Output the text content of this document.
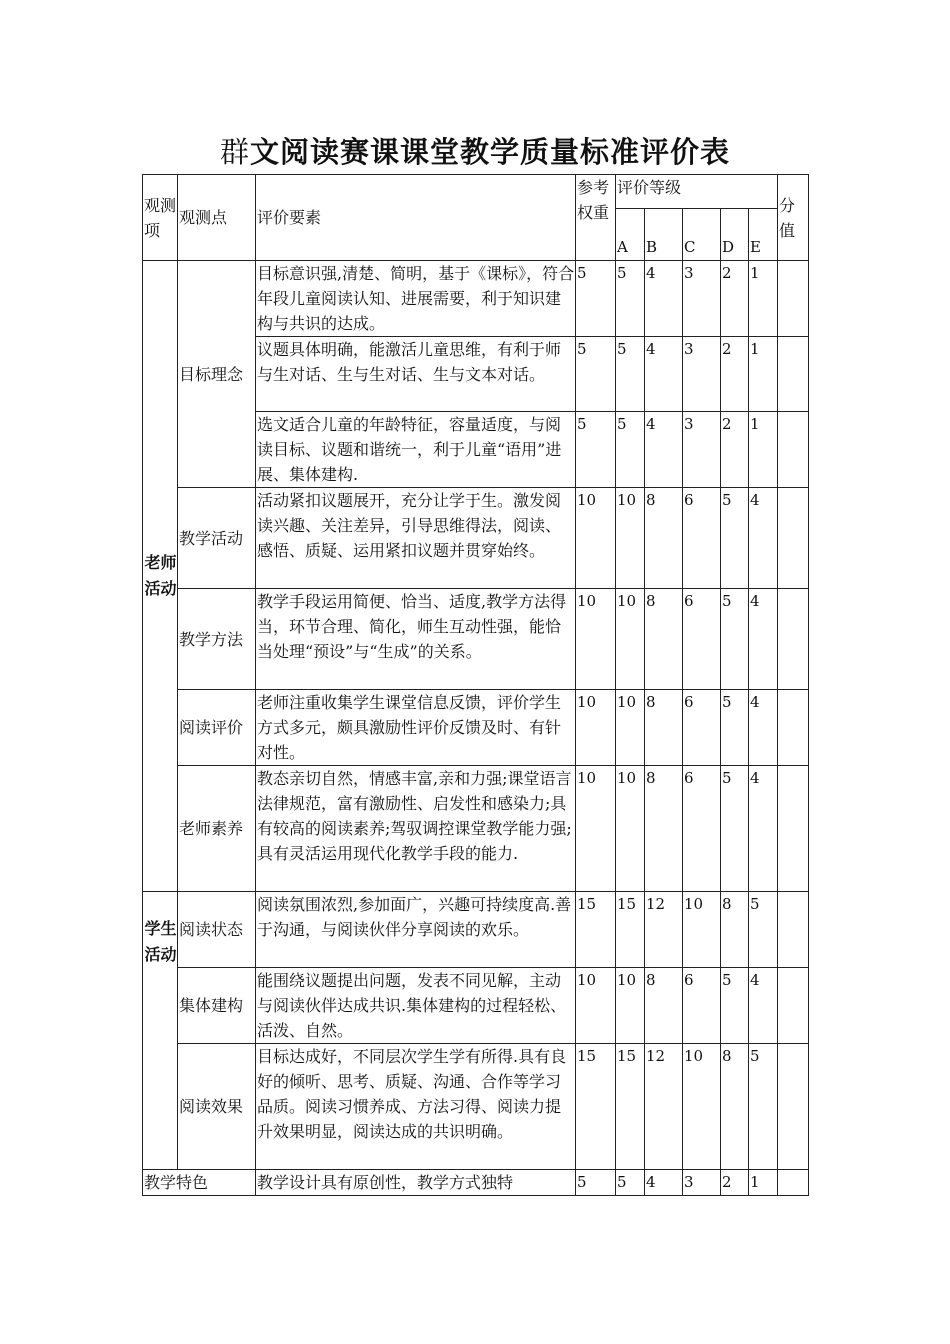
群文阅读赛课课堂教学质量标准评价表
观测项	观测点	评价要素	参考权重	评价等级					分值
				A	B	C	D	E	
老师活动	目标理念	目标意识强,清楚、简明，基于《课标》，符合年段儿童阅读认知、进展需要，利于知识建构与共识的达成。	5	5	4	3	2	1	
		议题具体明确，能激活儿童思维，有利于师与生对话、生与生对话、生与文本对话。	5	5	4	3	2	1	
		选文适合儿童的年龄特征，容量适度，与阅读目标、议题和谐统一，利于儿童“语用”进展、集体建构.	5	5	4	3	2	1	
	教学活动	活动紧扣议题展开，充分让学于生。激发阅读兴趣、关注差异，引导思维得法，阅读、感悟、质疑、运用紧扣议题并贯穿始终。	10	10	8	6	5	4	
	教学方法	教学手段运用简便、恰当、适度,教学方法得当，环节合理、简化，师生互动性强，能恰当处理“预设”与“生成”的关系。	10	10	8	6	5	4	
	阅读评价	老师注重收集学生课堂信息反馈，评价学生方式多元，颇具激励性评价反馈及时、有针对性。	10	10	8	6	5	4	
	老师素养	教态亲切自然，情感丰富,亲和力强;课堂语言法律规范，富有激励性、启发性和感染力;具有较高的阅读素养;驾驭调控课堂教学能力强;具有灵活运用现代化教学手段的能力.	10	10	8	6	5	4	
学生活动	阅读状态	阅读氛围浓烈,参加面广，兴趣可持续度高.善于沟通，与阅读伙伴分享阅读的欢乐。	15	15	12	10	8	5	
	集体建构	能围绕议题提出问题，发表不同见解，主动与阅读伙伴达成共识.集体建构的过程轻松、活泼、自然。	10	10	8	6	5	4	
	阅读效果	目标达成好，不同层次学生学有所得.具有良好的倾听、思考、质疑、沟通、合作等学习品质。阅读习惯养成、方法习得、阅读力提升效果明显，阅读达成的共识明确。	15	15	12	10	8	5	
教学特色		教学设计具有原创性，教学方式独特	5	5	4	3	2	1	
